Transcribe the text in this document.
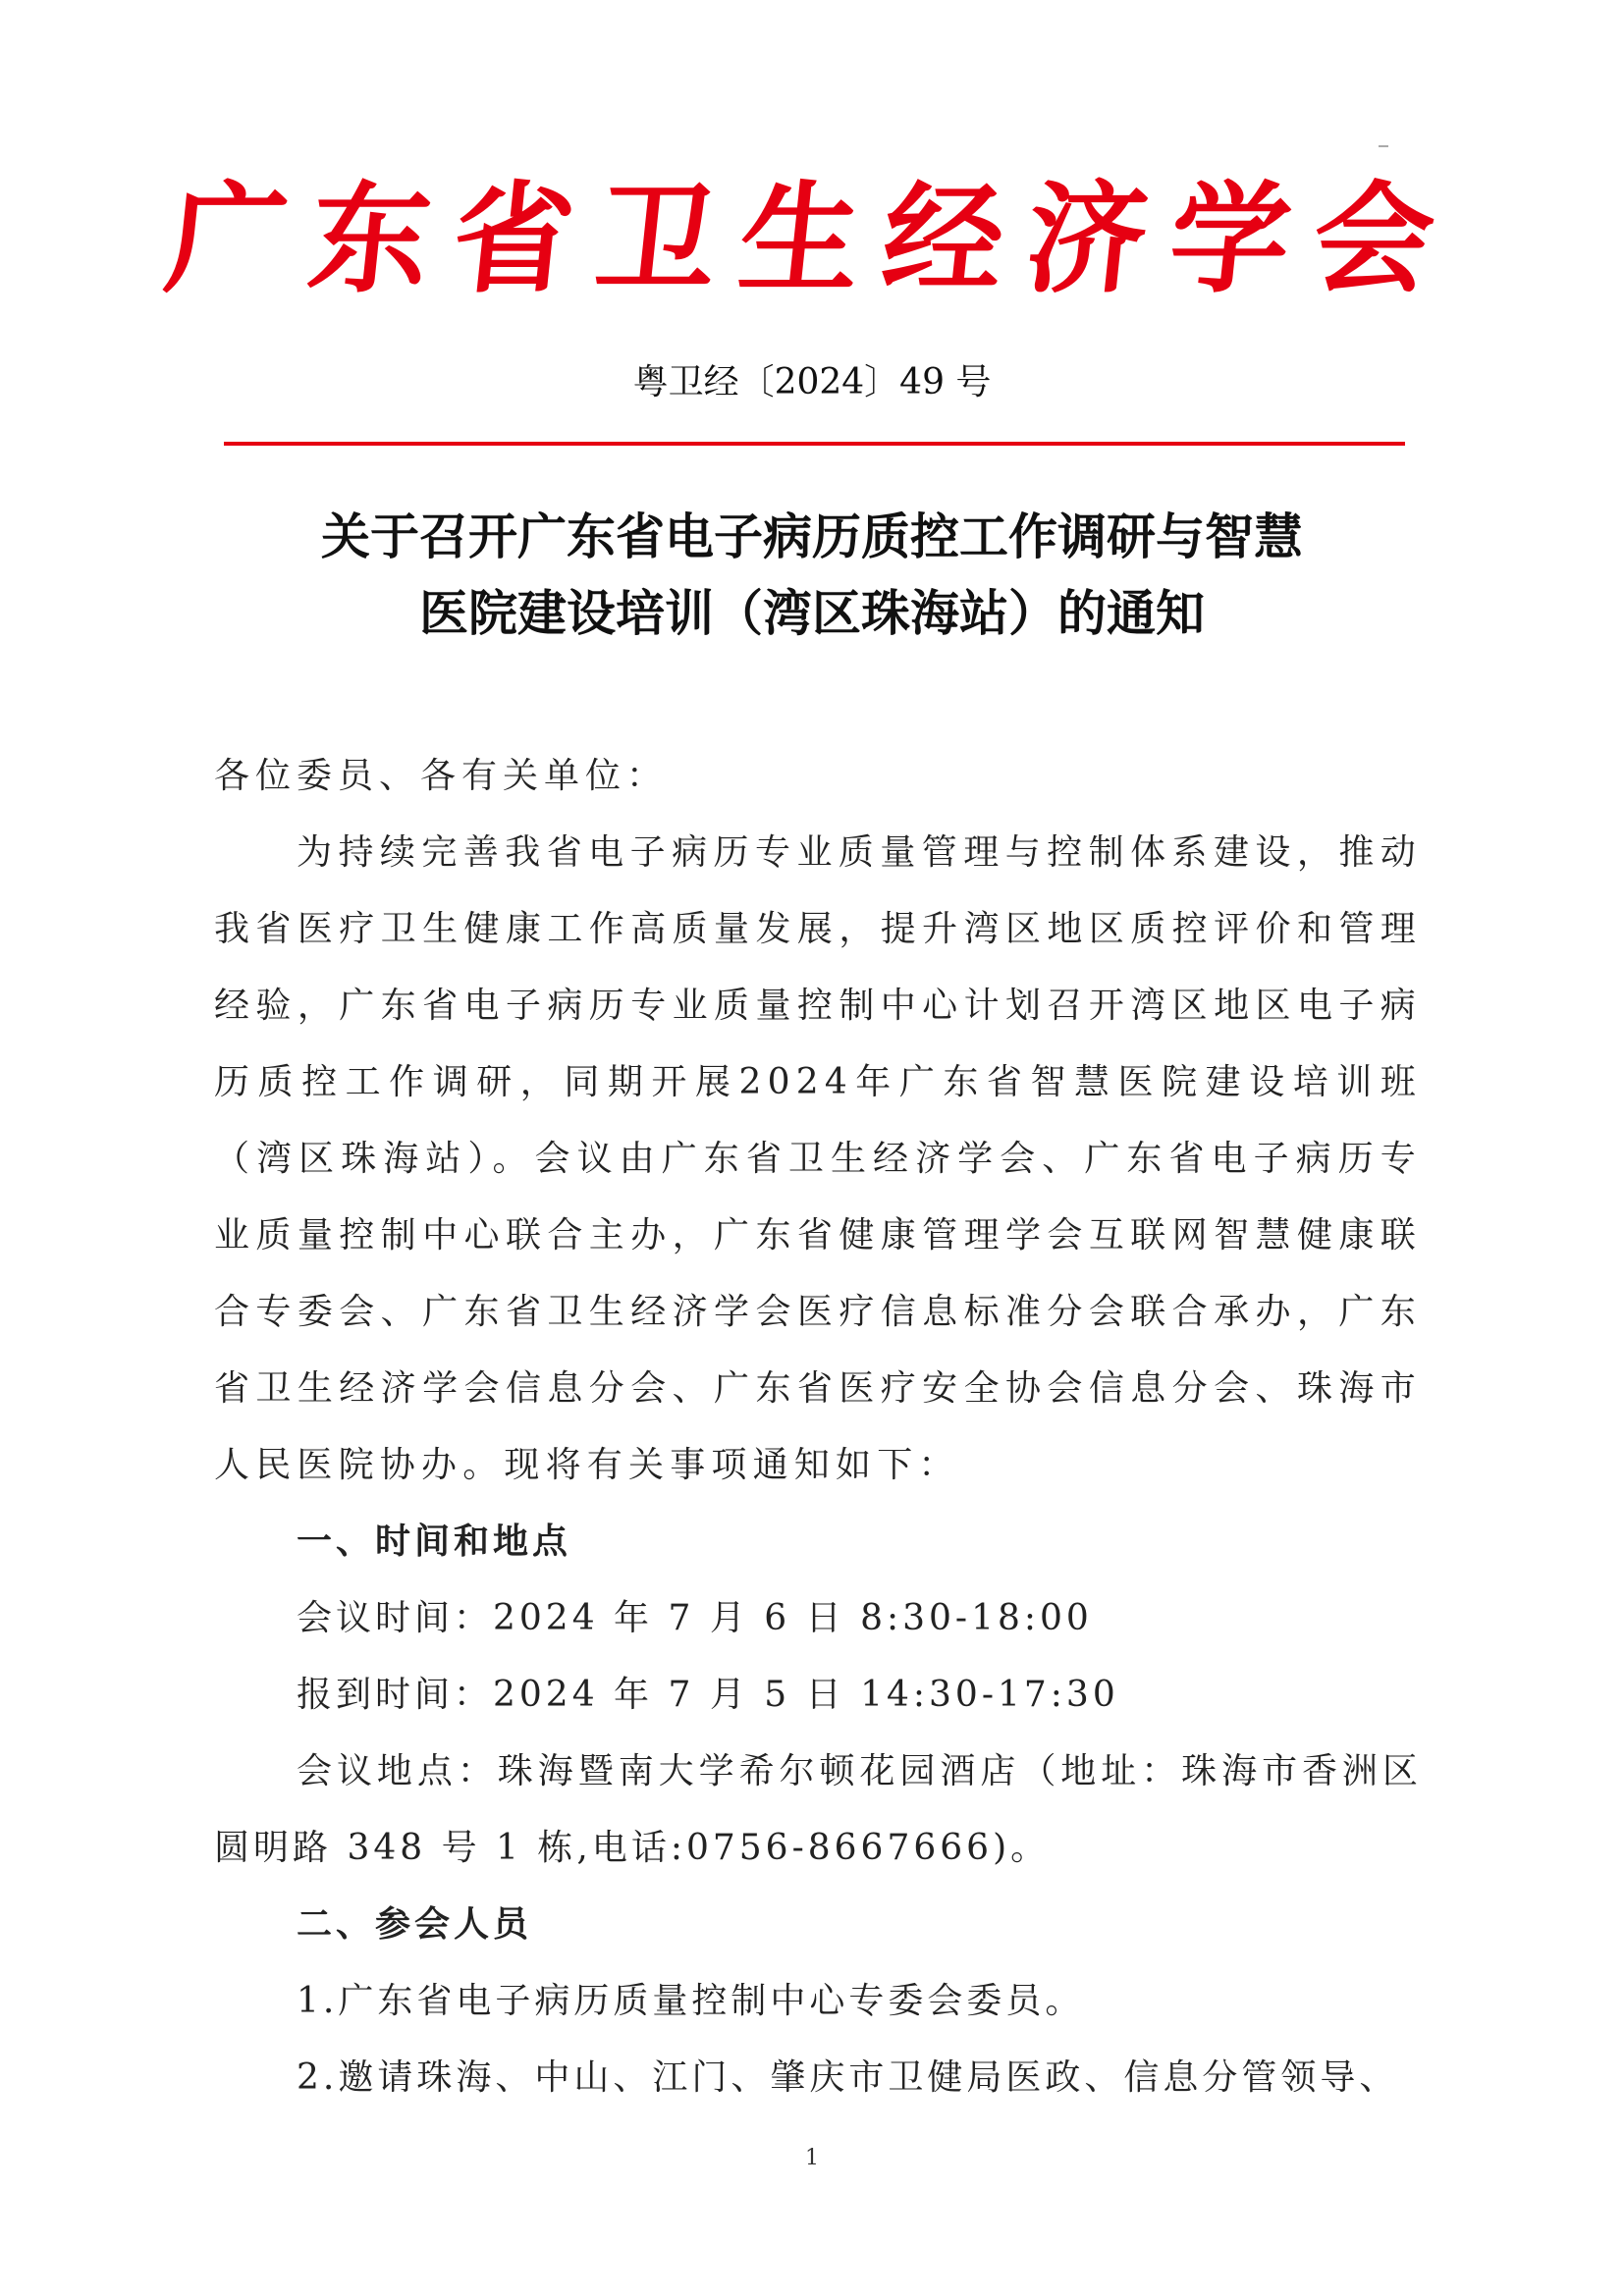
广东省卫生经济学会
粤卫经〔2024〕49 号
关于召开广东省电子病历质控工作调研与智慧
医院建设培训（湾区珠海站）的通知

各位委员、各有关单位：

为持续完善我省电子病历专业质量管理与控制体系建设，推动我省医疗卫生健康工作高质量发展，提升湾区地区质控评价和管理经验，广东省电子病历专业质量控制中心计划召开湾区地区电子病历质控工作调研，同期开展2024年广东省智慧医院建设培训班（湾区珠海站）。会议由广东省卫生经济学会、广东省电子病历专业质量控制中心联合主办，广东省健康管理学会互联网智慧健康联合专委会、广东省卫生经济学会医疗信息标准分会联合承办，广东省卫生经济学会信息分会、广东省医疗安全协会信息分会、珠海市人民医院协办。现将有关事项通知如下：

一、时间和地点

会议时间：2024 年 7 月 6 日 8:30-18:00

报到时间：2024 年 7 月 5 日 14:30-17:30

会议地点：珠海暨南大学希尔顿花园酒店（地址：珠海市香洲区圆明路 348 号 1 栋,电话:0756-8667666)。

二、参会人员

1.广东省电子病历质量控制中心专委会委员。

2.邀请珠海、中山、江门、肇庆市卫健局医政、信息分管领导、

1
